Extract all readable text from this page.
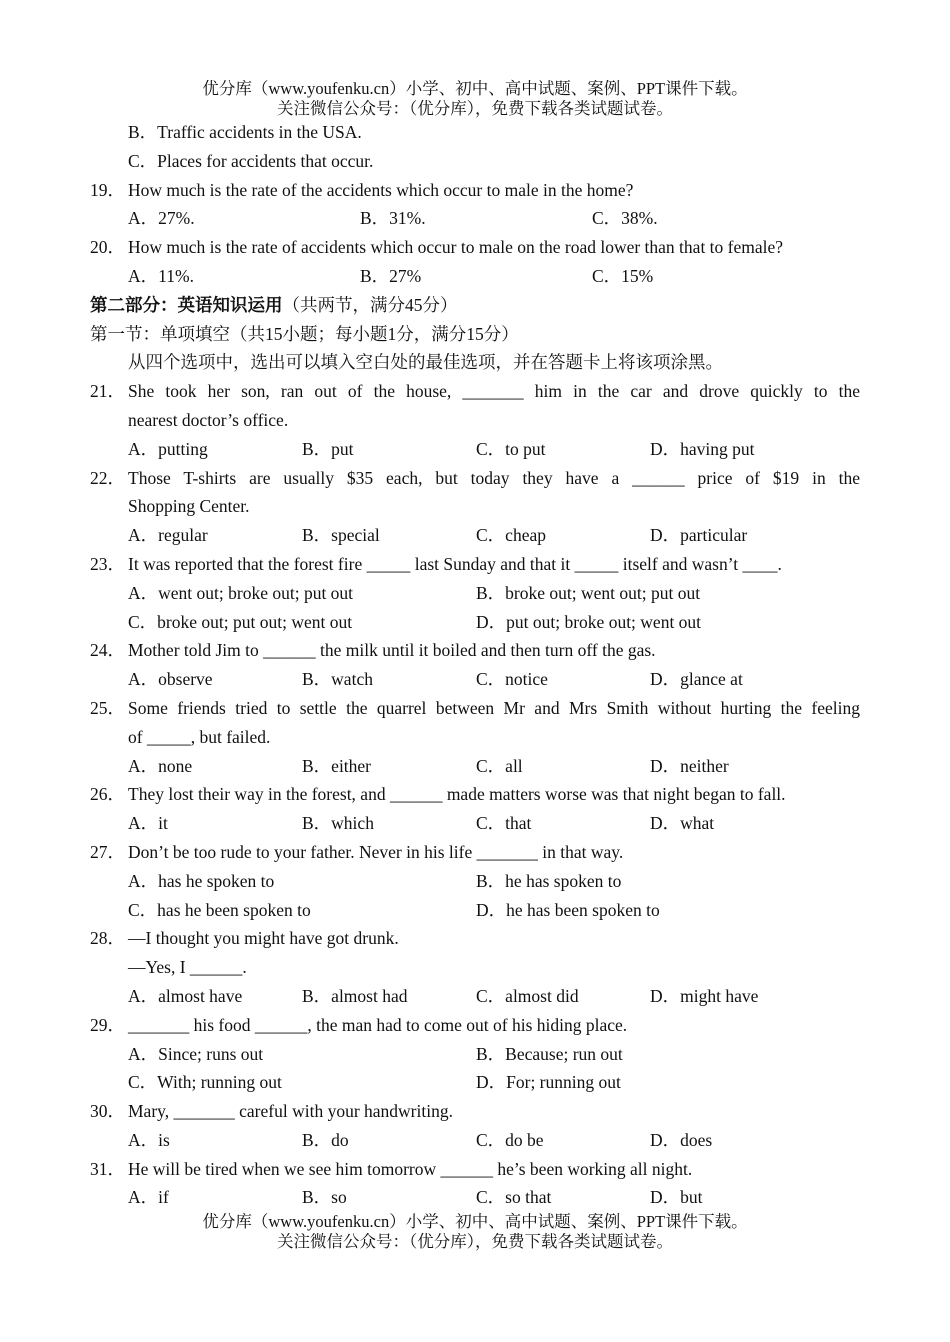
优分库（www.youfenku.cn）小学、初中、高中试题、案例、PPT课件下载。
关注微信公众号：（优分库），免费下载各类试题试卷。
B．Traffic accidents in the USA.
C．Places for accidents that occur.
19． How much is the rate of the accidents which occur to male in the home?
A．27%.	B．31%.	C．38%.
20． How much is the rate of accidents which occur to male on the road lower than that to female?
A．11%.	B．27%	C．15%
第二部分：英语知识运用（共两节，满分45分）
第一节：单项填空（共15小题；每小题1分，满分15分）
从四个选项中，选出可以填入空白处的最佳选项，并在答题卡上将该项涂黑。
21． She took her son, ran out of the house, _______ him in the car and drove quickly to the
nearest doctor’s office.
A．putting	B．put	C．to put	D．having put
22． Those T-shirts are usually $35 each, but today they have a ______ price of $19 in the
Shopping Center.
A．regular	B．special	C．cheap	D．particular
23． It was reported that the forest fire _____ last Sunday and that it _____ itself and wasn’t ____.
A．went out; broke out; put out	B．broke out; went out; put out
C．broke out; put out; went out	D．put out; broke out; went out
24． Mother told Jim to ______ the milk until it boiled and then turn off the gas.
A．observe	B．watch	C．notice	D．glance at
25． Some friends tried to settle the quarrel between Mr and Mrs Smith without hurting the feeling
of _____, but failed.
A．none	B．either	C．all	D．neither
26． They lost their way in the forest, and ______ made matters worse was that night began to fall.
A．it	B．which	C．that	D．what
27． Don’t be too rude to your father. Never in his life _______ in that way.
A．has he spoken to	B．he has spoken to
C．has he been spoken to	D．he has been spoken to
28． —I thought you might have got drunk.
—Yes, I ______.
A．almost have	B．almost had	C．almost did	D．might have
29． _______ his food ______, the man had to come out of his hiding place.
A．Since; runs out	B．Because; run out
C．With; running out	D．For; running out
30． Mary, _______ careful with your handwriting.
A．is	B．do	C．do be	D．does
31． He will be tired when we see him tomorrow ______ he’s been working all night.
A．if	B．so	C．so that	D．but
优分库（www.youfenku.cn）小学、初中、高中试题、案例、PPT课件下载。
关注微信公众号：（优分库），免费下载各类试题试卷。
